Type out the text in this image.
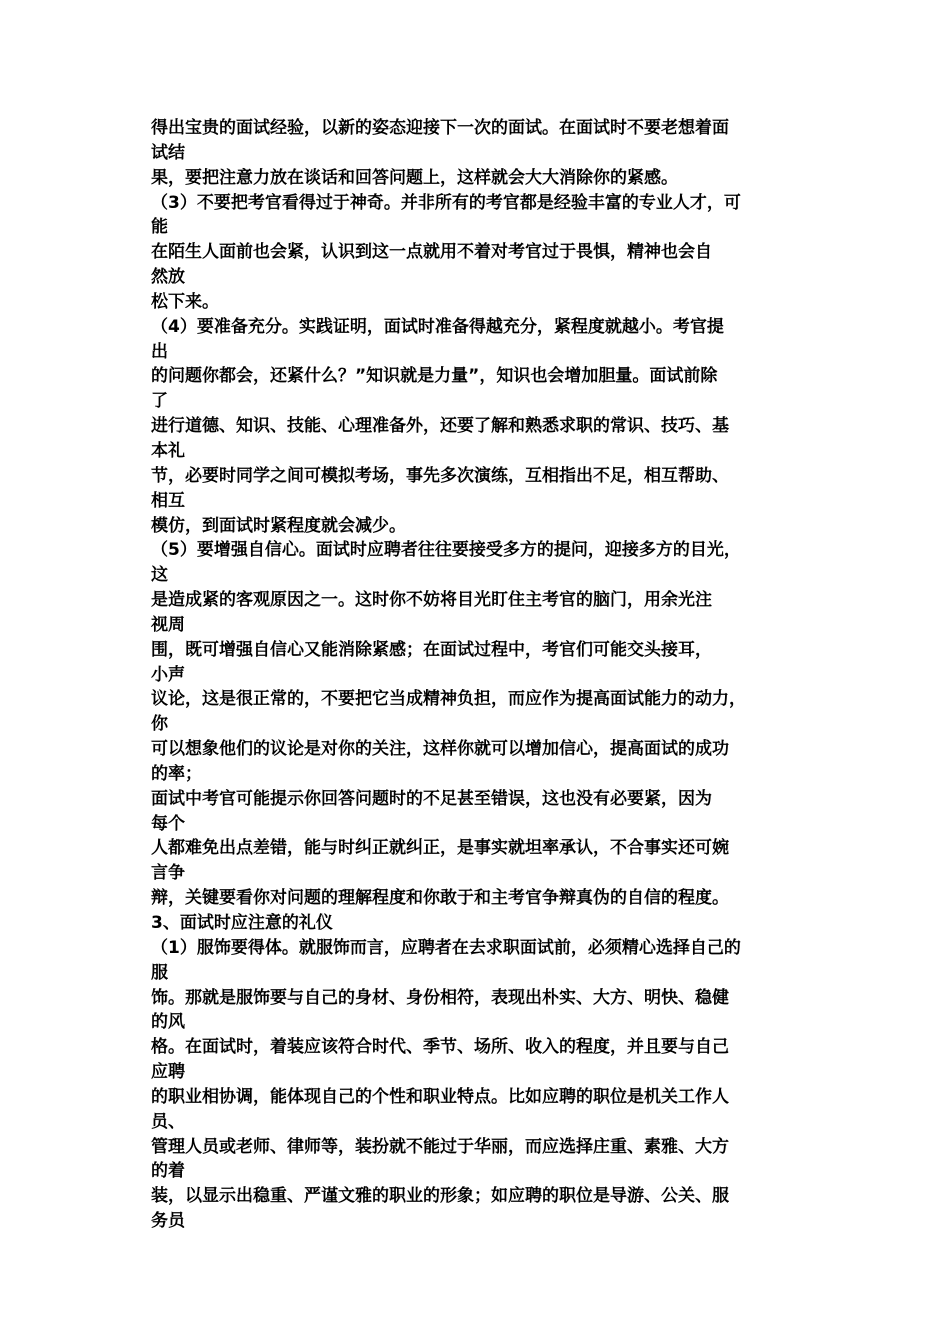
得出宝贵的面试经验，以新的姿态迎接下一次的面试。在面试时不要老想着面
试结
果，要把注意力放在谈话和回答问题上，这样就会大大消除你的紧感。
（3）不要把考官看得过于神奇。并非所有的考官都是经验丰富的专业人才，可
能
在陌生人面前也会紧，认识到这一点就用不着对考官过于畏惧，精神也会自
然放
松下来。
（4）要准备充分。实践证明，面试时准备得越充分，紧程度就越小。考官提
出
的问题你都会，还紧什么？”知识就是力量”，知识也会增加胆量。面试前除
了
进行道德、知识、技能、心理准备外，还要了解和熟悉求职的常识、技巧、基
本礼
节，必要时同学之间可模拟考场，事先多次演练，互相指出不足，相互帮助、
相互
模仿，到面试时紧程度就会减少。
（5）要增强自信心。面试时应聘者往往要接受多方的提问，迎接多方的目光，
这
是造成紧的客观原因之一。这时你不妨将目光盯住主考官的脑门，用余光注
视周
围，既可增强自信心又能消除紧感；在面试过程中，考官们可能交头接耳，
小声
议论，这是很正常的，不要把它当成精神负担，而应作为提高面试能力的动力，
你
可以想象他们的议论是对你的关注，这样你就可以增加信心，提高面试的成功
的率；
面试中考官可能提示你回答问题时的不足甚至错误，这也没有必要紧，因为
每个
人都难免出点差错，能与时纠正就纠正，是事实就坦率承认，不合事实还可婉
言争
辩，关键要看你对问题的理解程度和你敢于和主考官争辩真伪的自信的程度。
3、面试时应注意的礼仪
（1）服饰要得体。就服饰而言，应聘者在去求职面试前，必须精心选择自己的
服
饰。那就是服饰要与自己的身材、身份相符，表现出朴实、大方、明快、稳健
的风
格。在面试时，着装应该符合时代、季节、场所、收入的程度，并且要与自己
应聘
的职业相协调，能体现自己的个性和职业特点。比如应聘的职位是机关工作人
员、
管理人员或老师、律师等，装扮就不能过于华丽，而应选择庄重、素雅、大方
的着
装，以显示出稳重、严谨文雅的职业的形象；如应聘的职位是导游、公关、服
务员
